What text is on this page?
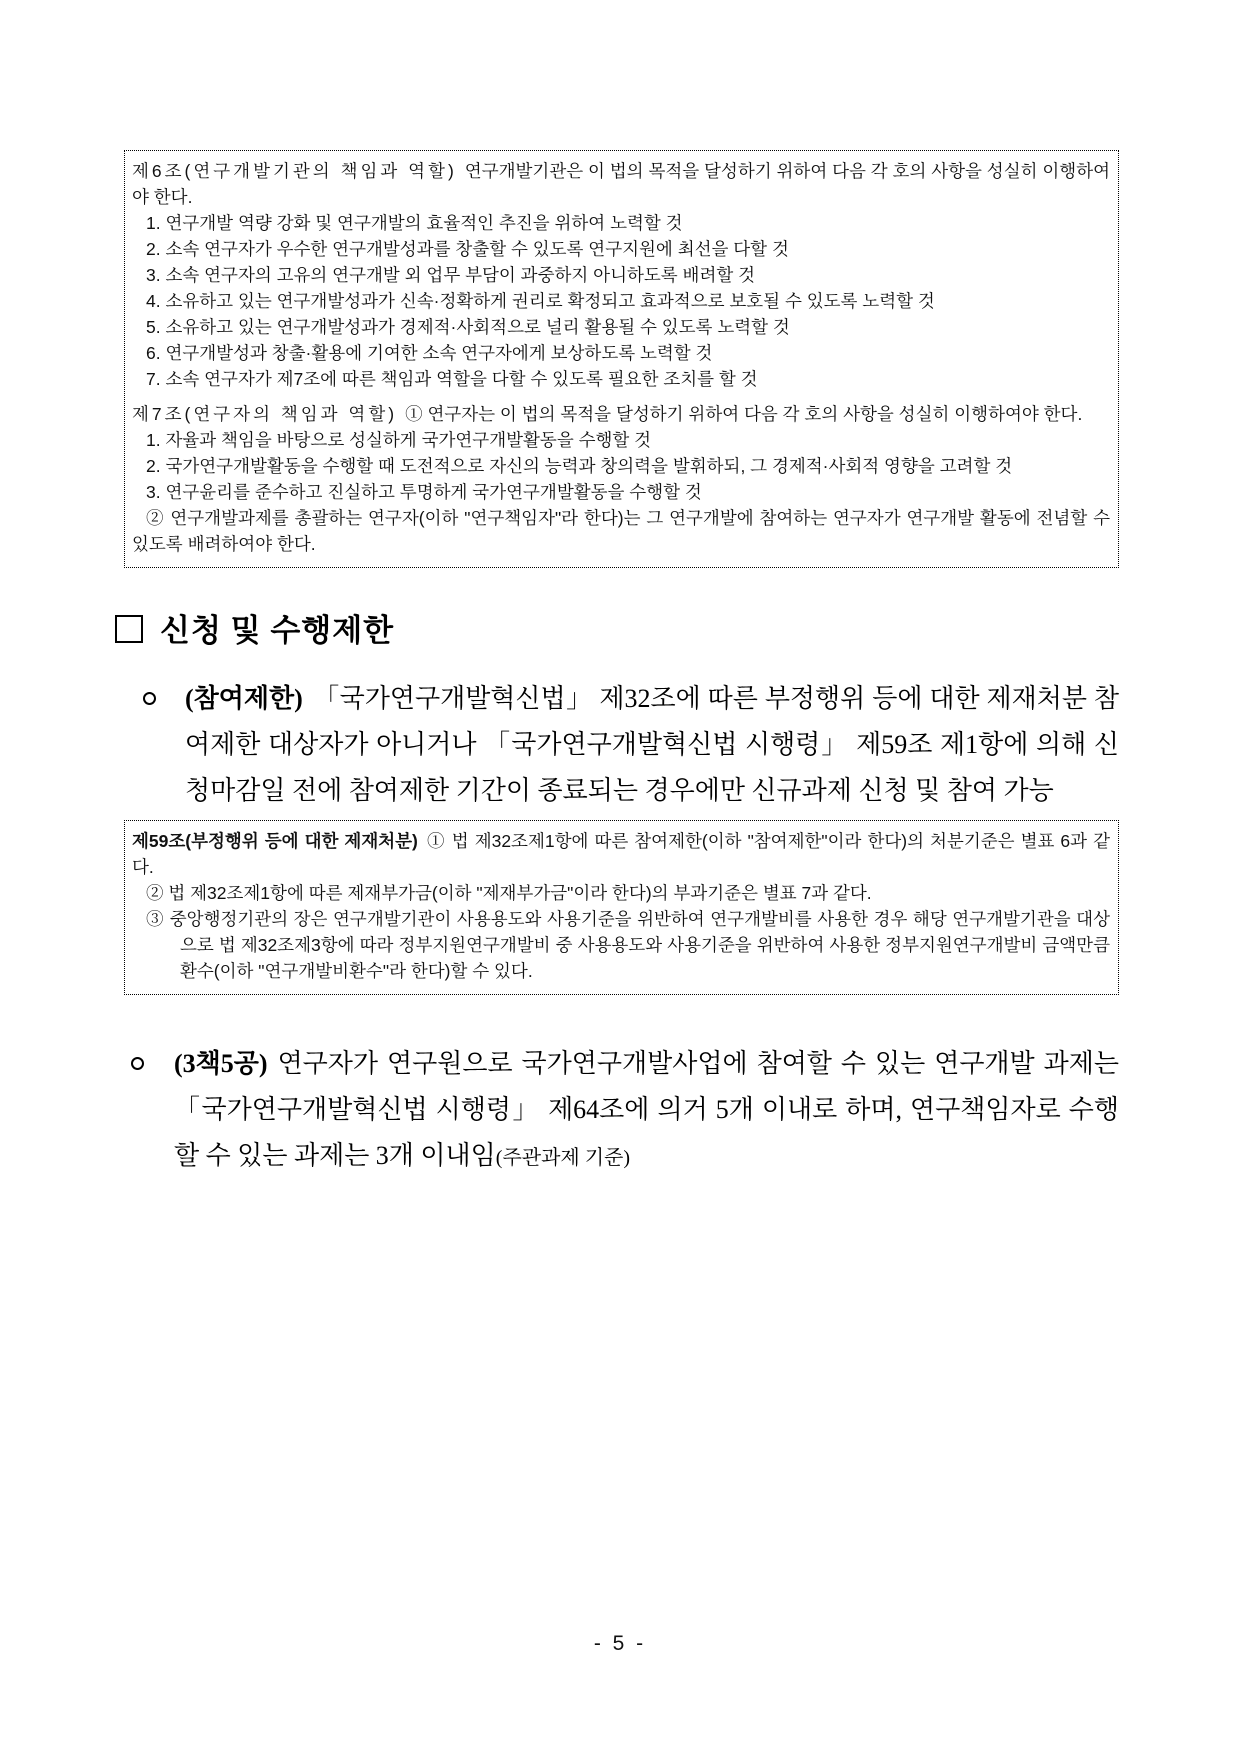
제6조(연구개발기관의 책임과 역할) 연구개발기관은 이 법의 목적을 달성하기 위하여 다음 각 호의 사항을 성실히 이행하여야 한다.

1. 연구개발 역량 강화 및 연구개발의 효율적인 추진을 위하여 노력할 것
2. 소속 연구자가 우수한 연구개발성과를 창출할 수 있도록 연구지원에 최선을 다할 것
3. 소속 연구자의 고유의 연구개발 외 업무 부담이 과중하지 아니하도록 배려할 것
4. 소유하고 있는 연구개발성과가 신속·정확하게 권리로 확정되고 효과적으로 보호될 수 있도록 노력할 것
5. 소유하고 있는 연구개발성과가 경제적·사회적으로 널리 활용될 수 있도록 노력할 것
6. 연구개발성과 창출·활용에 기여한 소속 연구자에게 보상하도록 노력할 것
7. 소속 연구자가 제7조에 따른 책임과 역할을 다할 수 있도록 필요한 조치를 할 것

제7조(연구자의 책임과 역할) ① 연구자는 이 법의 목적을 달성하기 위하여 다음 각 호의 사항을 성실히 이행하여야 한다.

1. 자율과 책임을 바탕으로 성실하게 국가연구개발활동을 수행할 것
2. 국가연구개발활동을 수행할 때 도전적으로 자신의 능력과 창의력을 발휘하되, 그 경제적·사회적 영향을 고려할 것
3. 연구윤리를 준수하고 진실하고 투명하게 국가연구개발활동을 수행할 것

② 연구개발과제를 총괄하는 연구자(이하 "연구책임자"라 한다)는 그 연구개발에 참여하는 연구자가 연구개발 활동에 전념할 수 있도록 배려하여야 한다.

신청 및 수행제한
(참여제한) 「국가연구개발혁신법」 제32조에 따른 부정행위 등에 대한 제재처분 참여제한 대상자가 아니거나 「국가연구개발혁신법 시행령」 제59조 제1항에 의해 신청마감일 전에 참여제한 기간이 종료되는 경우에만 신규과제 신청 및 참여 가능

제59조(부정행위 등에 대한 제재처분) ① 법 제32조제1항에 따른 참여제한(이하 "참여제한"이라 한다)의 처분기준은 별표 6과 같다.

② 법 제32조제1항에 따른 제재부가금(이하 "제재부가금"이라 한다)의 부과기준은 별표 7과 같다.

③ 중앙행정기관의 장은 연구개발기관이 사용용도와 사용기준을 위반하여 연구개발비를 사용한 경우 해당 연구개발기관을 대상으로 법 제32조제3항에 따라 정부지원연구개발비 중 사용용도와 사용기준을 위반하여 사용한 정부지원연구개발비 금액만큼 환수(이하 "연구개발비환수"라 한다)할 수 있다.

(3책5공) 연구자가 연구원으로 국가연구개발사업에 참여할 수 있는 연구개발 과제는 「국가연구개발혁신법 시행령」 제64조에 의거 5개 이내로 하며, 연구책임자로 수행할 수 있는 과제는 3개 이내임(주관과제 기준)
- 5 -
